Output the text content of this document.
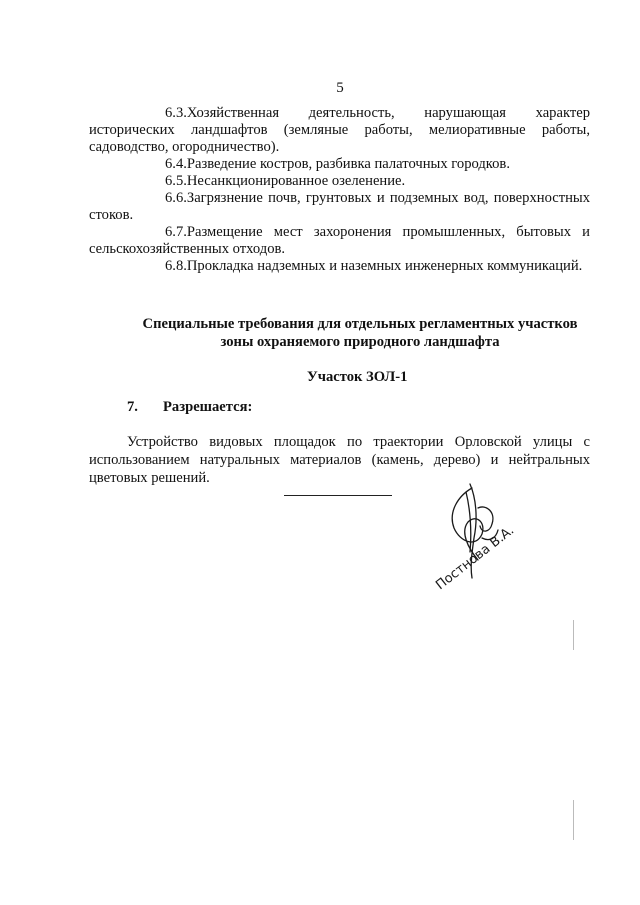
5

6.3.Хозяйственная деятельность, нарушающая характер исторических ландшафтов (земляные работы, мелиоративные работы, садоводство, огородничество).

6.4.Разведение костров, разбивка палаточных городков.

6.5.Несанкционированное озеленение.

6.6.Загрязнение почв, грунтовых и подземных вод, поверхностных стоков.

6.7.Размещение мест захоронения промышленных, бытовых и сельскохозяйственных отходов.

6.8.Прокладка надземных и наземных инженерных коммуникаций.

Специальные требования для отдельных регламентных участков
зоны охраняемого природного ландшафта
Участок ЗОЛ-1
7. Разрешается:
Устройство видовых площадок по траектории Орловской улицы с использованием натуральных материалов (камень, дерево) и нейтральных цветовых решений.
Постнова В.А.
